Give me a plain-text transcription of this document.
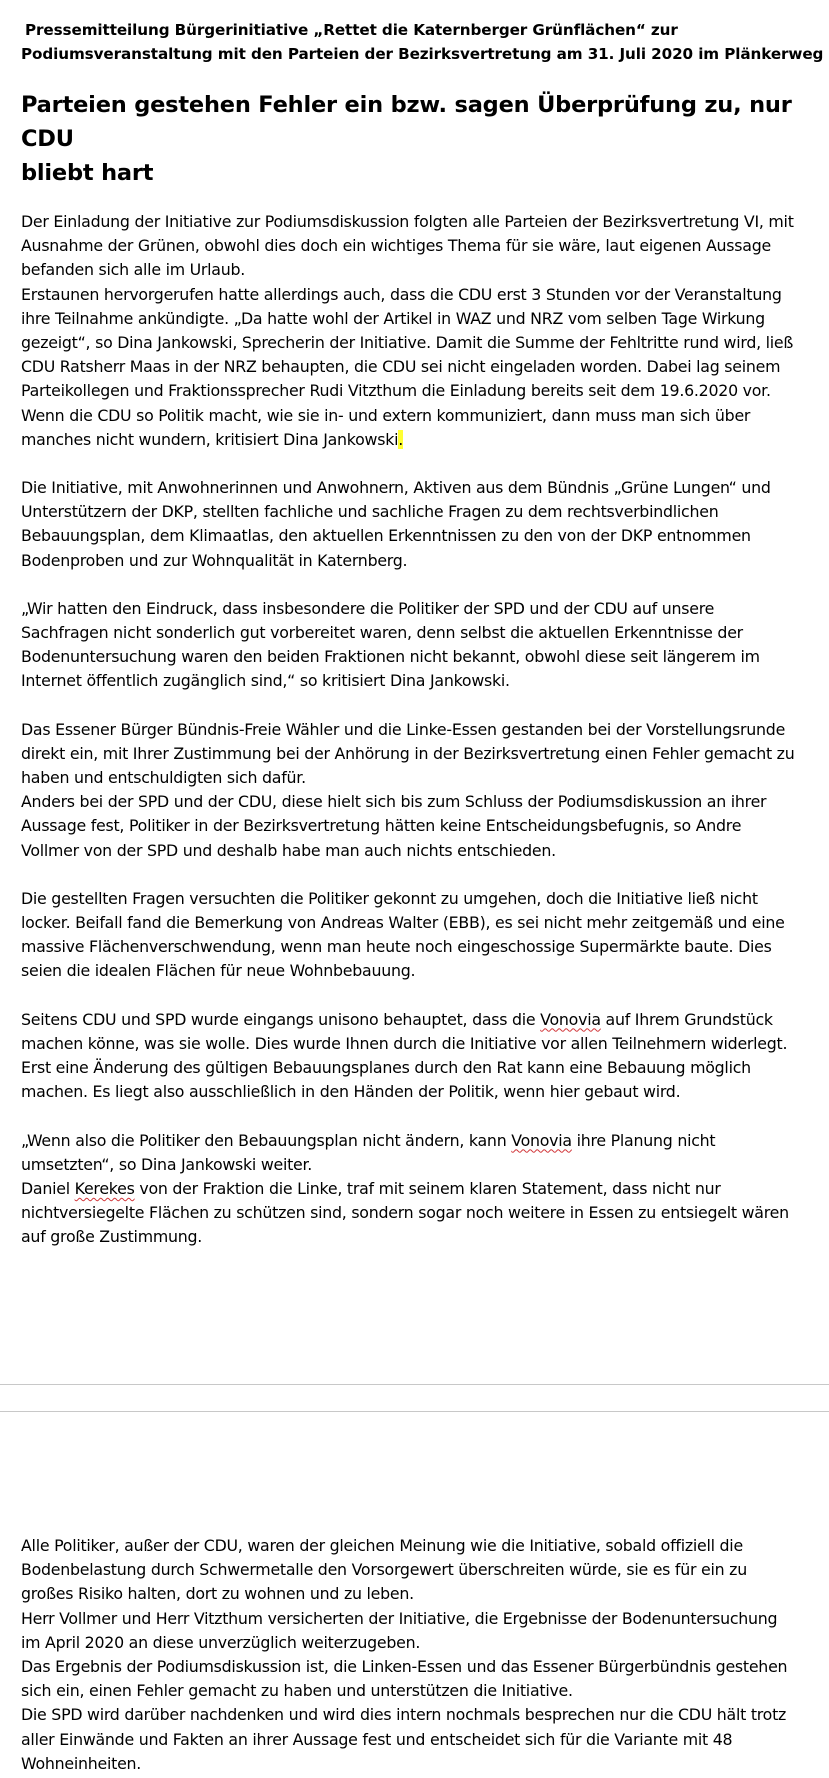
Pressemitteilung Bürgerinitiative „Rettet die Katernberger Grünflächen“ zur
Podiumsveranstaltung mit den Parteien der Bezirksvertretung am 31. Juli 2020 im Plänkerweg
Parteien gestehen Fehler ein bzw. sagen Überprüfung zu, nur CDU
bliebt hart
Der Einladung der Initiative zur Podiumsdiskussion folgten alle Parteien der Bezirksvertretung VI, mit
Ausnahme der Grünen, obwohl dies doch ein wichtiges Thema für sie wäre, laut eigenen Aussage
befanden sich alle im Urlaub.
Erstaunen hervorgerufen hatte allerdings auch, dass die CDU erst 3 Stunden vor der Veranstaltung
ihre Teilnahme ankündigte. „Da hatte wohl der Artikel in WAZ und NRZ vom selben Tage Wirkung
gezeigt“, so Dina Jankowski, Sprecherin der Initiative. Damit die Summe der Fehltritte rund wird, ließ
CDU Ratsherr Maas in der NRZ behaupten, die CDU sei nicht eingeladen worden. Dabei lag seinem
Parteikollegen und Fraktionssprecher Rudi Vitzthum die Einladung bereits seit dem 19.6.2020 vor.
Wenn die CDU so Politik macht, wie sie in- und extern kommuniziert, dann muss man sich über
manches nicht wundern, kritisiert Dina Jankowski.
Die Initiative, mit Anwohnerinnen und Anwohnern, Aktiven aus dem Bündnis „Grüne Lungen“ und
Unterstützern der DKP, stellten fachliche und sachliche Fragen zu dem rechtsverbindlichen
Bebauungsplan, dem Klimaatlas, den aktuellen Erkenntnissen zu den von der DKP entnommen
Bodenproben und zur Wohnqualität in Katernberg.
„Wir hatten den Eindruck, dass insbesondere die Politiker der SPD und der CDU auf unsere
Sachfragen nicht sonderlich gut vorbereitet waren, denn selbst die aktuellen Erkenntnisse der
Bodenuntersuchung waren den beiden Fraktionen nicht bekannt, obwohl diese seit längerem im
Internet öffentlich zugänglich sind,“ so kritisiert Dina Jankowski.
Das Essener Bürger Bündnis-Freie Wähler und die Linke-Essen gestanden bei der Vorstellungsrunde
direkt ein, mit Ihrer Zustimmung bei der Anhörung in der Bezirksvertretung einen Fehler gemacht zu
haben und entschuldigten sich dafür.
Anders bei der SPD und der CDU, diese hielt sich bis zum Schluss der Podiumsdiskussion an ihrer
Aussage fest, Politiker in der Bezirksvertretung hätten keine Entscheidungsbefugnis, so Andre
Vollmer von der SPD und deshalb habe man auch nichts entschieden.
Die gestellten Fragen versuchten die Politiker gekonnt zu umgehen, doch die Initiative ließ nicht
locker. Beifall fand die Bemerkung von Andreas Walter (EBB), es sei nicht mehr zeitgemäß und eine
massive Flächenverschwendung, wenn man heute noch eingeschossige Supermärkte baute. Dies
seien die idealen Flächen für neue Wohnbebauung.
Seitens CDU und SPD wurde eingangs unisono behauptet, dass die Vonovia auf Ihrem Grundstück
machen könne, was sie wolle. Dies wurde Ihnen durch die Initiative vor allen Teilnehmern widerlegt.
Erst eine Änderung des gültigen Bebauungsplanes durch den Rat kann eine Bebauung möglich
machen. Es liegt also ausschließlich in den Händen der Politik, wenn hier gebaut wird.
„Wenn also die Politiker den Bebauungsplan nicht ändern, kann Vonovia ihre Planung nicht
umsetzten“, so Dina Jankowski weiter.
Daniel Kerekes von der Fraktion die Linke, traf mit seinem klaren Statement, dass nicht nur
nichtversiegelte Flächen zu schützen sind, sondern sogar noch weitere in Essen zu entsiegelt wären
auf große Zustimmung.
Alle Politiker, außer der CDU, waren der gleichen Meinung wie die Initiative, sobald offiziell die
Bodenbelastung durch Schwermetalle den Vorsorgewert überschreiten würde, sie es für ein zu
großes Risiko halten, dort zu wohnen und zu leben.
Herr Vollmer und Herr Vitzthum versicherten der Initiative, die Ergebnisse der Bodenuntersuchung
im April 2020 an diese unverzüglich weiterzugeben.
Das Ergebnis der Podiumsdiskussion ist, die Linken-Essen und das Essener Bürgerbündnis gestehen
sich ein, einen Fehler gemacht zu haben und unterstützen die Initiative.
Die SPD wird darüber nachdenken und wird dies intern nochmals besprechen nur die CDU hält trotz
aller Einwände und Fakten an ihrer Aussage fest und entscheidet sich für die Variante mit 48
Wohneinheiten.
